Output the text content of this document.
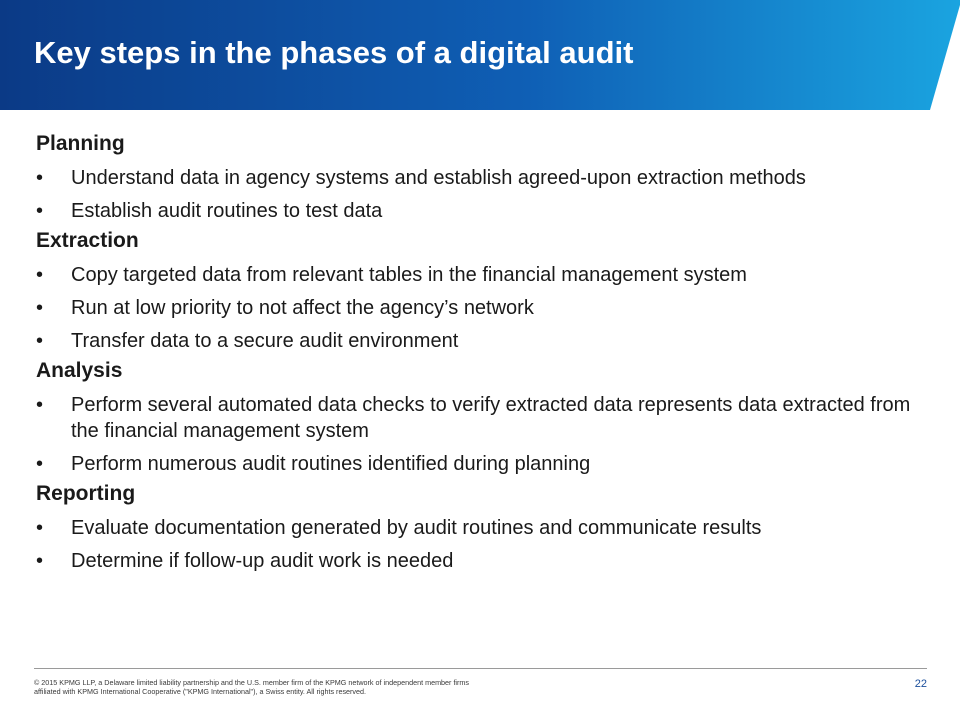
Key steps in the phases of a digital audit
Planning
•	Understand data in agency systems and establish agreed-upon extraction methods
•	Establish audit routines to test data
Extraction
•	Copy targeted data from relevant tables in the financial management system
•	Run at low priority to not affect the agency’s network
•	Transfer data to a secure audit environment
Analysis
•	Perform several automated data checks to verify extracted data represents data extracted from the financial management system
•	Perform numerous audit routines identified during planning
Reporting
•	Evaluate documentation generated by audit routines and communicate results
•	Determine if follow-up audit work is needed
© 2015 KPMG LLP, a Delaware limited liability partnership and the U.S. member firm of the KPMG network of independent member firms affiliated with KPMG International Cooperative ("KPMG International"), a Swiss entity. All rights reserved.
22
